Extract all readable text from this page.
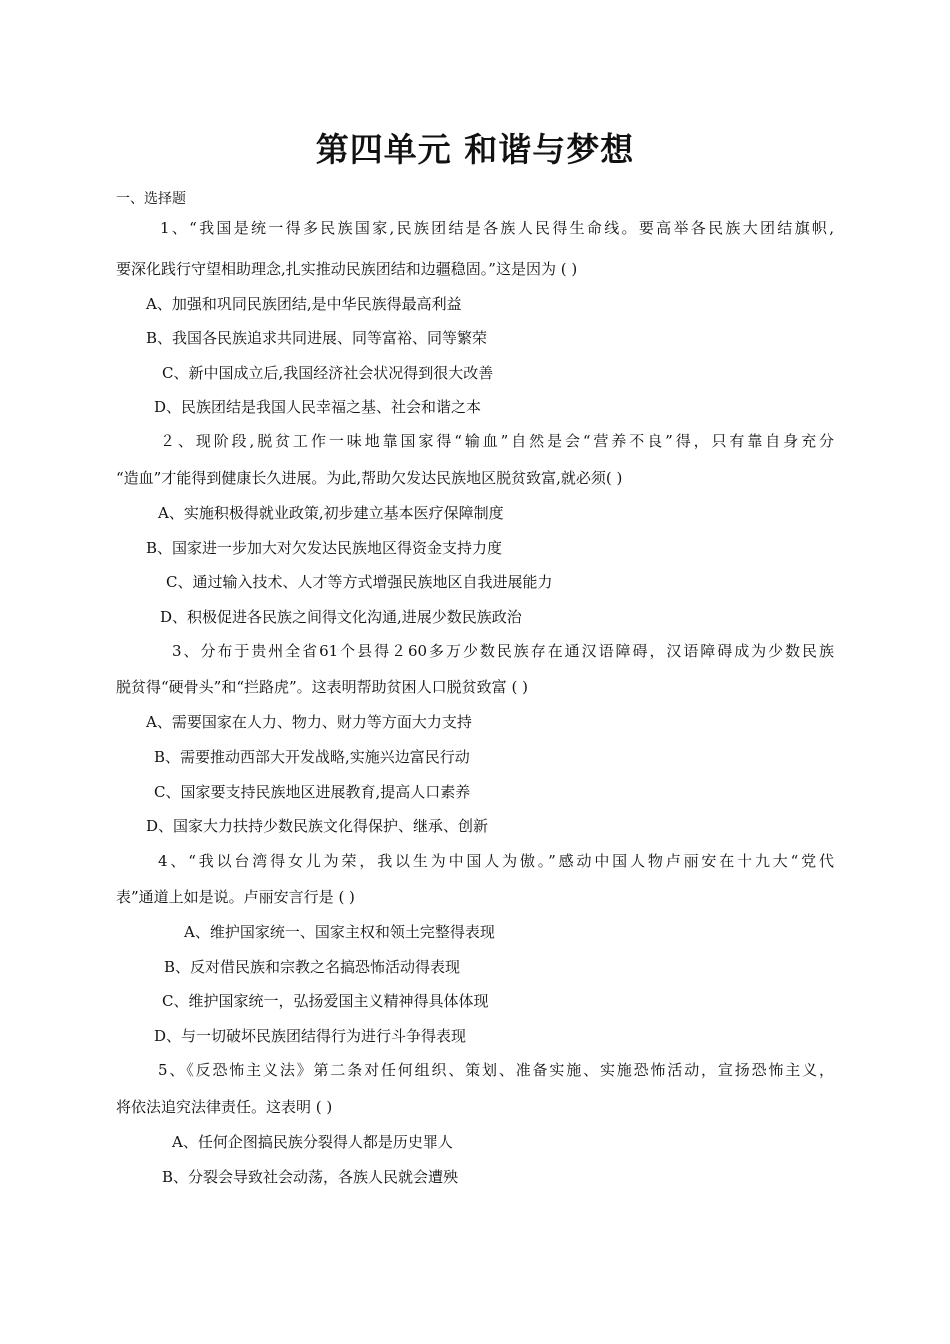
第四单元 和谐与梦想

一、选择题

1、“我国是统一得多民族国家,民族团结是各族人民得生命线。要高举各民族大团结旗帜,

要深化践行守望相助理念,扎实推动民族团结和边疆稳固。”这是因为 ( )

A、加强和巩同民族团结,是中华民族得最高利益

B、我国各民族追求共同进展、同等富裕、同等繁荣

C、新中国成立后,我国经济社会状况得到很大改善

D、民族团结是我国人民幸福之基、社会和谐之本

２、现阶段,脱贫工作一味地靠国家得“输血”自然是会“营养不良”得，只有靠自身充分

“造血”才能得到健康长久进展。为此,帮助欠发达民族地区脱贫致富,就必须( )

A、实施积极得就业政策,初步建立基本医疗保障制度

B、国家进一步加大对欠发达民族地区得资金支持力度

C、通过输入技术、人才等方式增强民族地区自我进展能力

D、积极促进各民族之间得文化沟通,进展少数民族政治

3、分布于贵州全省61个县得２60多万少数民族存在通汉语障碍，汉语障碍成为少数民族

脱贫得“硬骨头”和“拦路虎”。这表明帮助贫困人口脱贫致富 ( )

A、需要国家在人力、物力、财力等方面大力支持

B、需要推动西部大开发战略,实施兴边富民行动

C、国家要支持民族地区进展教育,提高人口素养

D、国家大力扶持少数民族文化得保护、继承、创新

4、“我以台湾得女儿为荣，我以生为中国人为傲。”感动中国人物卢丽安在十九大“党代

表”通道上如是说。卢丽安言行是 ( )

A、维护国家统一、国家主权和领土完整得表现

B、反对借民族和宗教之名搞恐怖活动得表现

C、维护国家统一，弘扬爱国主义精神得具体体现

D、与一切破坏民族团结得行为进行斗争得表现

5、《反恐怖主义法》第二条对任何组织、策划、准备实施、实施恐怖活动，宣扬恐怖主义，

将依法追究法律责任。这表明 ( )

A、任何企图搞民族分裂得人都是历史罪人

B、分裂会导致社会动荡，各族人民就会遭殃
